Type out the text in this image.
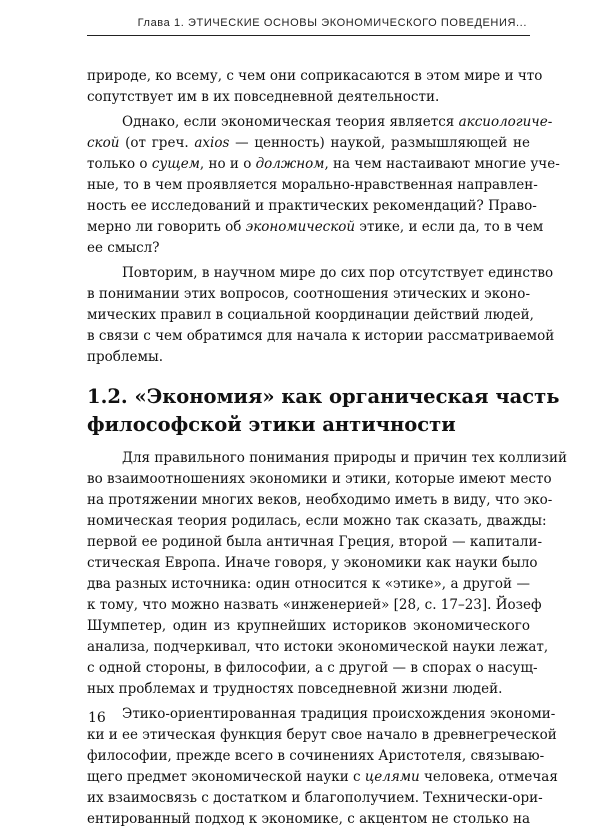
Глава 1. ЭТИЧЕСКИЕ ОСНОВЫ ЭКОНОМИЧЕСКОГО ПОВЕДЕНИЯ...
природе, ко всему, с чем они соприкасаются в этом мире и что
сопутствует им в их повседневной деятельности.
Однако, если экономическая теория является аксиологиче-
ской (от греч. axios — ценность) наукой, размышляющей не
только о сущем, но и о должном, на чем настаивают многие уче-
ные, то в чем проявляется морально-нравственная направлен-
ность ее исследований и практических рекомендаций? Право-
мерно ли говорить об экономической этике, и если да, то в чем
ее смысл?
Повторим, в научном мире до сих пор отсутствует единство
в понимании этих вопросов, соотношения этических и эконо-
мических правил в социальной координации действий людей,
в связи с чем обратимся для начала к истории рассматриваемой
проблемы.
1.2. «Экономия» как органическая часть
философской этики античности
Для правильного понимания природы и причин тех коллизий
во взаимоотношениях экономики и этики, которые имеют место
на протяжении многих веков, необходимо иметь в виду, что эко-
номическая теория родилась, если можно так сказать, дважды:
первой ее родиной была античная Греция, второй — капитали-
стическая Европа. Иначе говоря, у экономики как науки было
два разных источника: один относится к «этике», а другой —
к тому, что можно назвать «инженерией» [28, с. 17–23]. Йозеф
Шумпетер, один из крупнейших историков экономического
анализа, подчеркивал, что истоки экономической науки лежат,
с одной стороны, в философии, а с другой — в спорах о насущ-
ных проблемах и трудностях повседневной жизни людей.
Этико-ориентированная традиция происхождения экономи-
ки и ее этическая функция берут свое начало в древнегреческой
философии, прежде всего в сочинениях Аристотеля, связываю-
щего предмет экономической науки с целями человека, отмечая
их взаимосвязь с достатком и благополучием. Технически-ори-
ентированный подход к экономике, с акцентом не столько на
16
